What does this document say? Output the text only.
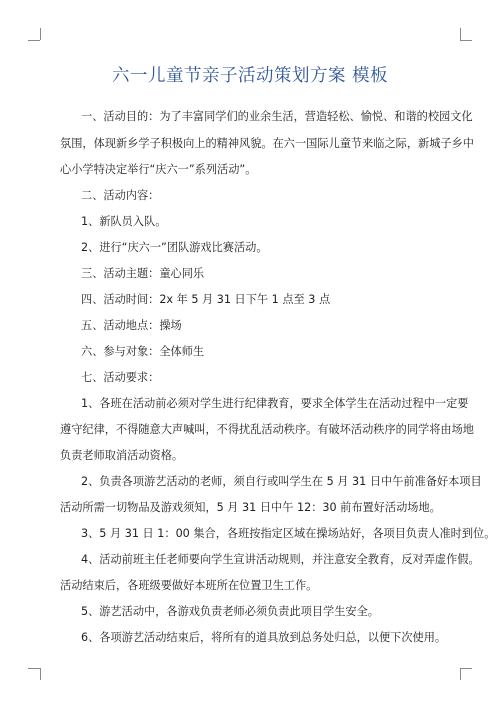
六一儿童节亲子活动策划方案 模板
一、活动目的：为了丰富同学们的业余生活，营造轻松、愉悦、和谐的校园文化
氛围，体现新乡学子积极向上的精神风貌。在六一国际儿童节来临之际，新城子乡中
心小学特决定举行“庆六一”系列活动”。
二、活动内容：
1、新队员入队。
2、进行“庆六一”团队游戏比赛活动。
三、活动主题：童心同乐
四、活动时间：2x 年 5 月 31 日下午 1 点至 3 点
五、活动地点：操场
六、参与对象：全体师生
七、活动要求：
1、各班在活动前必须对学生进行纪律教育，要求全体学生在活动过程中一定要
遵守纪律，不得随意大声喊叫，不得扰乱活动秩序。有破坏活动秩序的同学将由场地
负责老师取消活动资格。
2、负责各项游艺活动的老师，须自行或叫学生在 5 月 31 日中午前准备好本项目
活动所需一切物品及游戏须知，5 月 31 日中午 12：30 前布置好活动场地。
3、5 月 31 日 1：00 集合，各班按指定区域在操场站好，各项目负责人准时到位。
4、活动前班主任老师要向学生宣讲活动规则，并注意安全教育，反对弄虚作假。
活动结束后，各班级要做好本班所在位置卫生工作。
5、游艺活动中，各游戏负责老师必须负责此项目学生安全。
6、各项游艺活动结束后，将所有的道具放到总务处归总，以便下次使用。
